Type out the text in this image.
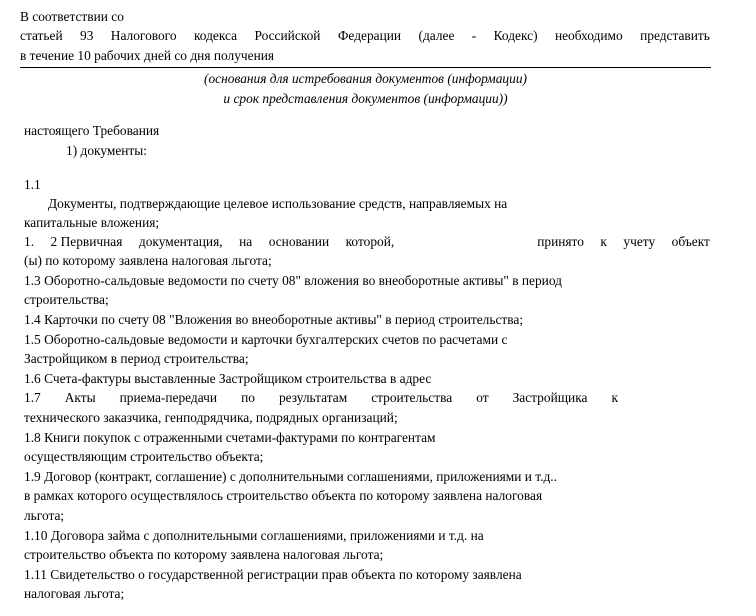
В соответствии со
статьей 93 Налогового кодекса Российской Федерации (далее - Кодекс) необходимо представить
в течение 10 рабочих дней со дня получения
(основания для истребования документов (информации)
и срок представления документов (информации))
настоящего Требования
1) документы:
1.1
Документы, подтверждающие целевое использование средств, направляемых на
капитальные вложения;
1. 2 Первичная документация, на основании которой,	принято к учету объект
(ы) по которому заявлена налоговая льгота;
1.3 Оборотно-сальдовые ведомости по счету 08" вложения во внеоборотные активы" в период
строительства;
1.4 Карточки по счету 08 "Вложения во внеоборотные активы" в период строительства;
1.5 Оборотно-сальдовые ведомости и карточки бухгалтерских счетов по расчетами с
Застройщиком в период строительства;
1.6 Счета-фактуры выставленные Застройщиком строительства в адрес
1.7 Акты приема-передачи по результатам строительства от Застройщика к
технического заказчика, генподрядчика, подрядных организаций;
1.8 Книги покупок с отраженными счетами-фактурами по контрагентам
осуществляющим строительство объекта;
1.9 Договор (контракт, соглашение) с дополнительными соглашениями, приложениями и т.д..
в рамках которого осуществлялось строительство объекта по которому заявлена налоговая
льгота;
1.10 Договора займа с дополнительными соглашениями, приложениями и т.д. на
строительство объекта по которому заявлена налоговая льгота;
1.11 Свидетельство о государственной регистрации прав объекта по которому заявлена
налоговая льгота;
